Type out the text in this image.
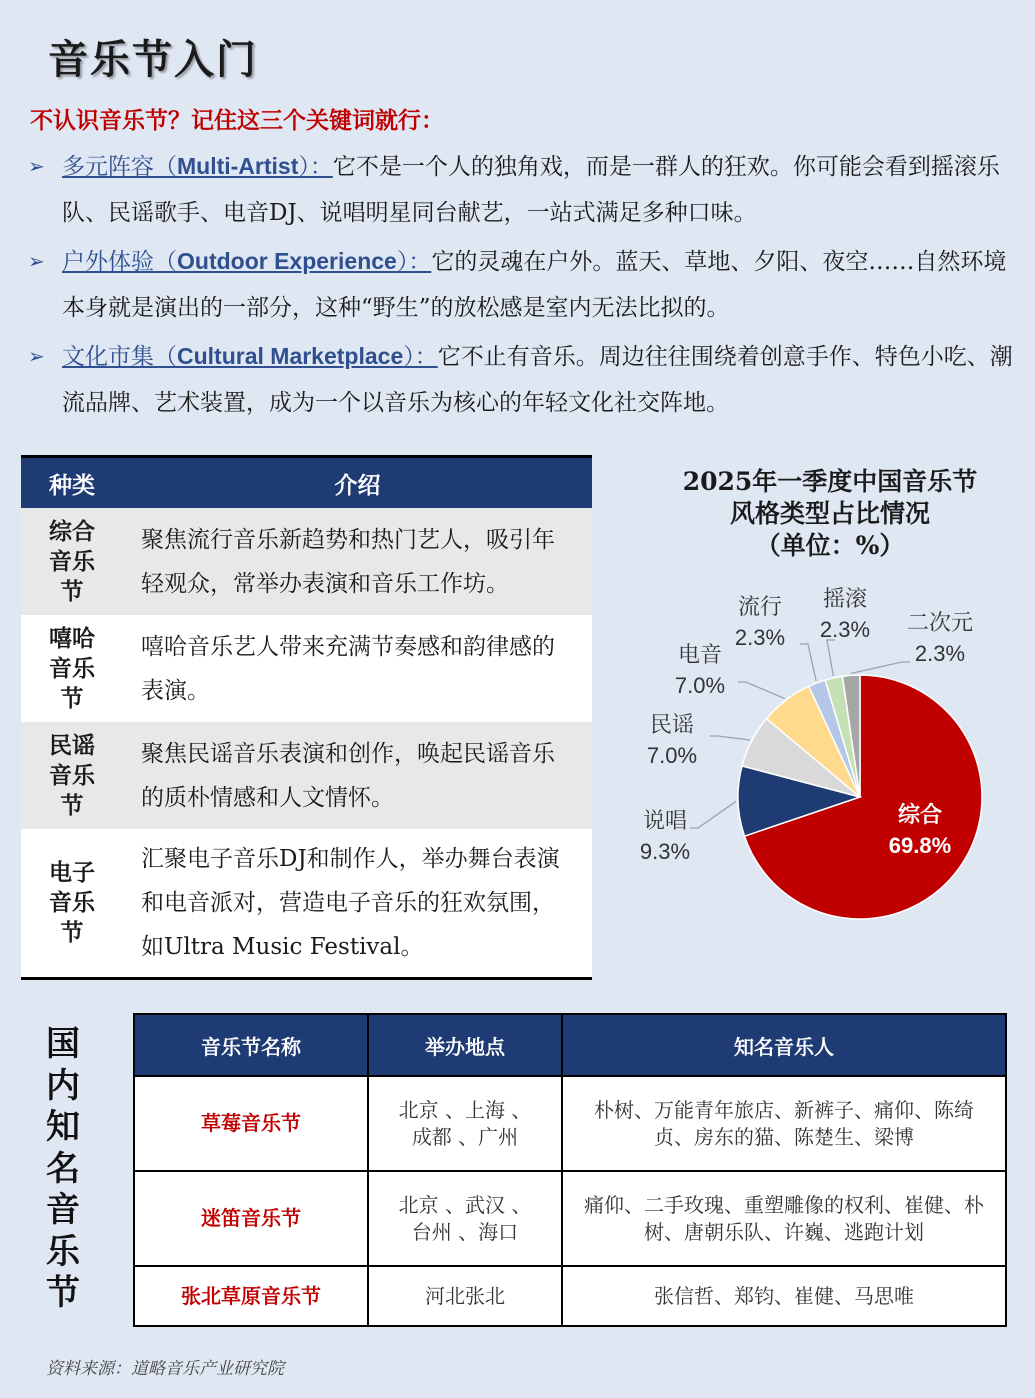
音乐节入门
不认识音乐节？记住这三个关键词就行：
➢ 多元阵容（Multi-Artist）：它不是一个人的独角戏，而是一群人的狂欢。你可能会看到摇滚乐队、民谣歌手、电音DJ、说唱明星同台献艺，一站式满足多种口味。
➢ 户外体验（Outdoor Experience）：它的灵魂在户外。蓝天、草地、夕阳、夜空……自然环境本身就是演出的一部分，这种“野生”的放松感是室内无法比拟的。
➢ 文化市集（Cultural Marketplace）：它不止有音乐。周边往往围绕着创意手作、特色小吃、潮流品牌、艺术装置，成为一个以音乐为核心的年轻文化社交阵地。
种类	介绍

综合音乐节	聚焦流行音乐新趋势和热门艺人，吸引年轻观众，常举办表演和音乐工作坊。

嘻哈音乐节	嘻哈音乐艺人带来充满节奏感和韵律感的表演。

民谣音乐节	聚焦民谣音乐表演和创作，唤起民谣音乐的质朴情感和人文情怀。

电子音乐节	汇聚电子音乐DJ和制作人，举办舞台表演和电音派对，营造电子音乐的狂欢氛围，如Ultra Music Festival。
2025年一季度中国音乐节
风格类型占比情况
（单位：%）
综合
69.8%
说唱
9.3%
民谣
7.0%
电音
7.0%
流行
2.3%
摇滚
2.3% 二次元
2.3%
国
内
知
名
音
乐
节
音乐节名称	举办地点	知名音乐人
草莓音乐节	北京 、上海 、成都 、广州	朴树、万能青年旅店、新裤子、痛仰、陈绮贞、房东的猫、陈楚生、梁博
迷笛音乐节	北京 、武汉 、台州 、海口	痛仰、二手玫瑰、重塑雕像的权利、崔健、朴树、唐朝乐队、许巍、逃跑计划
张北草原音乐节	河北张北	张信哲、郑钧、崔健、马思唯
资料来源：道略音乐产业研究院
